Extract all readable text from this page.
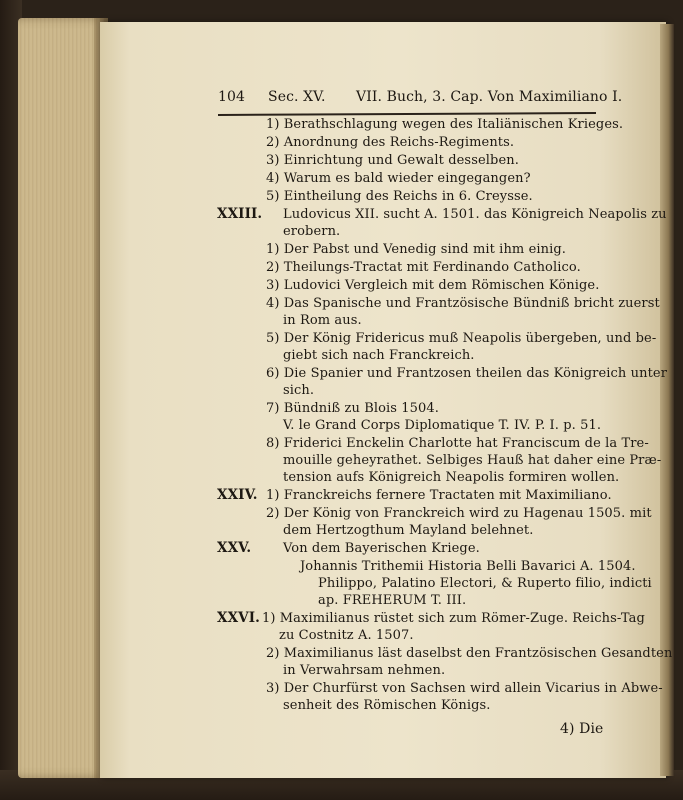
104 Sec. XV. VII. Buch, 3. Cap. Von Maximiliano I.
1) Berathschlagung wegen des Italiänischen Krieges.
2) Anordnung des Reichs-Regiments.
3) Einrichtung und Gewalt desselben.
4) Warum es bald wieder eingegangen?
5) Eintheilung des Reichs in 6. Creysse.
XXIII. Ludovicus XII. sucht A. 1501. das Königreich Neapolis zu
erobern.
1) Der Pabst und Venedig sind mit ihm einig.
2) Theilungs-Tractat mit Ferdinando Catholico.
3) Ludovici Vergleich mit dem Römischen Könige.
4) Das Spanische und Frantzösische Bündniß bricht zuerst
in Rom aus.
5) Der König Fridericus muß Neapolis übergeben, und be-
giebt sich nach Franckreich.
6) Die Spanier und Frantzosen theilen das Königreich unter
sich.
7) Bündniß zu Blois 1504.
V. le Grand Corps Diplomatique T. IV. P. I. p. 51.
8) Friderici Enckelin Charlotte hat Franciscum de la Tre-
mouille geheyrathet. Selbiges Hauß hat daher eine Præ-
tension aufs Königreich Neapolis formiren wollen.
XXIV. 1) Franckreichs fernere Tractaten mit Maximiliano.
2) Der König von Franckreich wird zu Hagenau 1505. mit
dem Hertzogthum Mayland belehnet.
XXV. Von dem Bayerischen Kriege.
Johannis Trithemii Historia Belli Bavarici A. 1504.
Philippo, Palatino Electori, & Ruperto filio, indicti
ap. FREHERUM T. III.
XXVI. 1) Maximilianus rüstet sich zum Römer-Zuge. Reichs-Tag
zu Costnitz A. 1507.
2) Maximilianus läst daselbst den Frantzösischen Gesandten
in Verwahrsam nehmen.
3) Der Churfürst von Sachsen wird allein Vicarius in Abwe-
senheit des Römischen Königs.
4) Die
